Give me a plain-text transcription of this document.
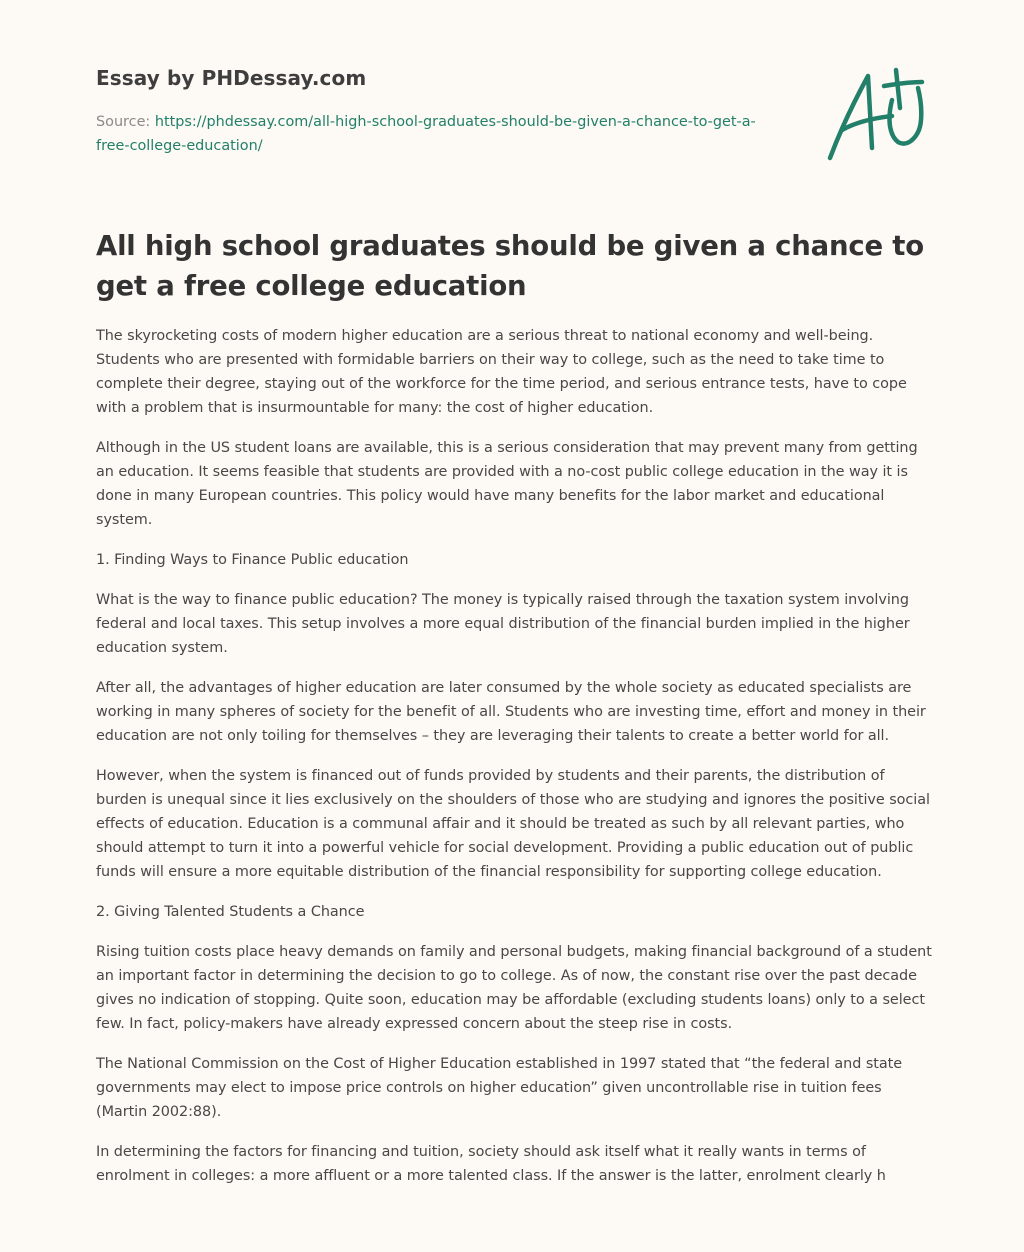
Essay by PHDessay.com
Source: https://phdessay.com/all-high-school-graduates-should-be-given-a-chance-to-get-a-free-college-education/
All high school graduates should be given a chance to get a free college education

The skyrocketing costs of modern higher education are a serious threat to national economy and well-being. Students who are presented with formidable barriers on their way to college, such as the need to take time to complete their degree, staying out of the workforce for the time period, and serious entrance tests, have to cope with a problem that is insurmountable for many: the cost of higher education.

Although in the US student loans are available, this is a serious consideration that may prevent many from getting an education. It seems feasible that students are provided with a no-cost public college education in the way it is done in many European countries. This policy would have many benefits for the labor market and educational system.

1. Finding Ways to Finance Public education

What is the way to finance public education? The money is typically raised through the taxation system involving federal and local taxes. This setup involves a more equal distribution of the financial burden implied in the higher education system.

After all, the advantages of higher education are later consumed by the whole society as educated specialists are working in many spheres of society for the benefit of all. Students who are investing time, effort and money in their education are not only toiling for themselves – they are leveraging their talents to create a better world for all.

However, when the system is financed out of funds provided by students and their parents, the distribution of burden is unequal since it lies exclusively on the shoulders of those who are studying and ignores the positive social effects of education. Education is a communal affair and it should be treated as such by all relevant parties, who should attempt to turn it into a powerful vehicle for social development. Providing a public education out of public funds will ensure a more equitable distribution of the financial responsibility for supporting college education.

2. Giving Talented Students a Chance

Rising tuition costs place heavy demands on family and personal budgets, making financial background of a student an important factor in determining the decision to go to college. As of now, the constant rise over the past decade gives no indication of stopping. Quite soon, education may be affordable (excluding students loans) only to a select few. In fact, policy-makers have already expressed concern about the steep rise in costs.

The National Commission on the Cost of Higher Education established in 1997 stated that “the federal and state governments may elect to impose price controls on higher education” given uncontrollable rise in tuition fees (Martin 2002:88).

In determining the factors for financing and tuition, society should ask itself what it really wants in terms of enrolment in colleges: a more affluent or a more talented class. If the answer is the latter, enrolment clearly h
